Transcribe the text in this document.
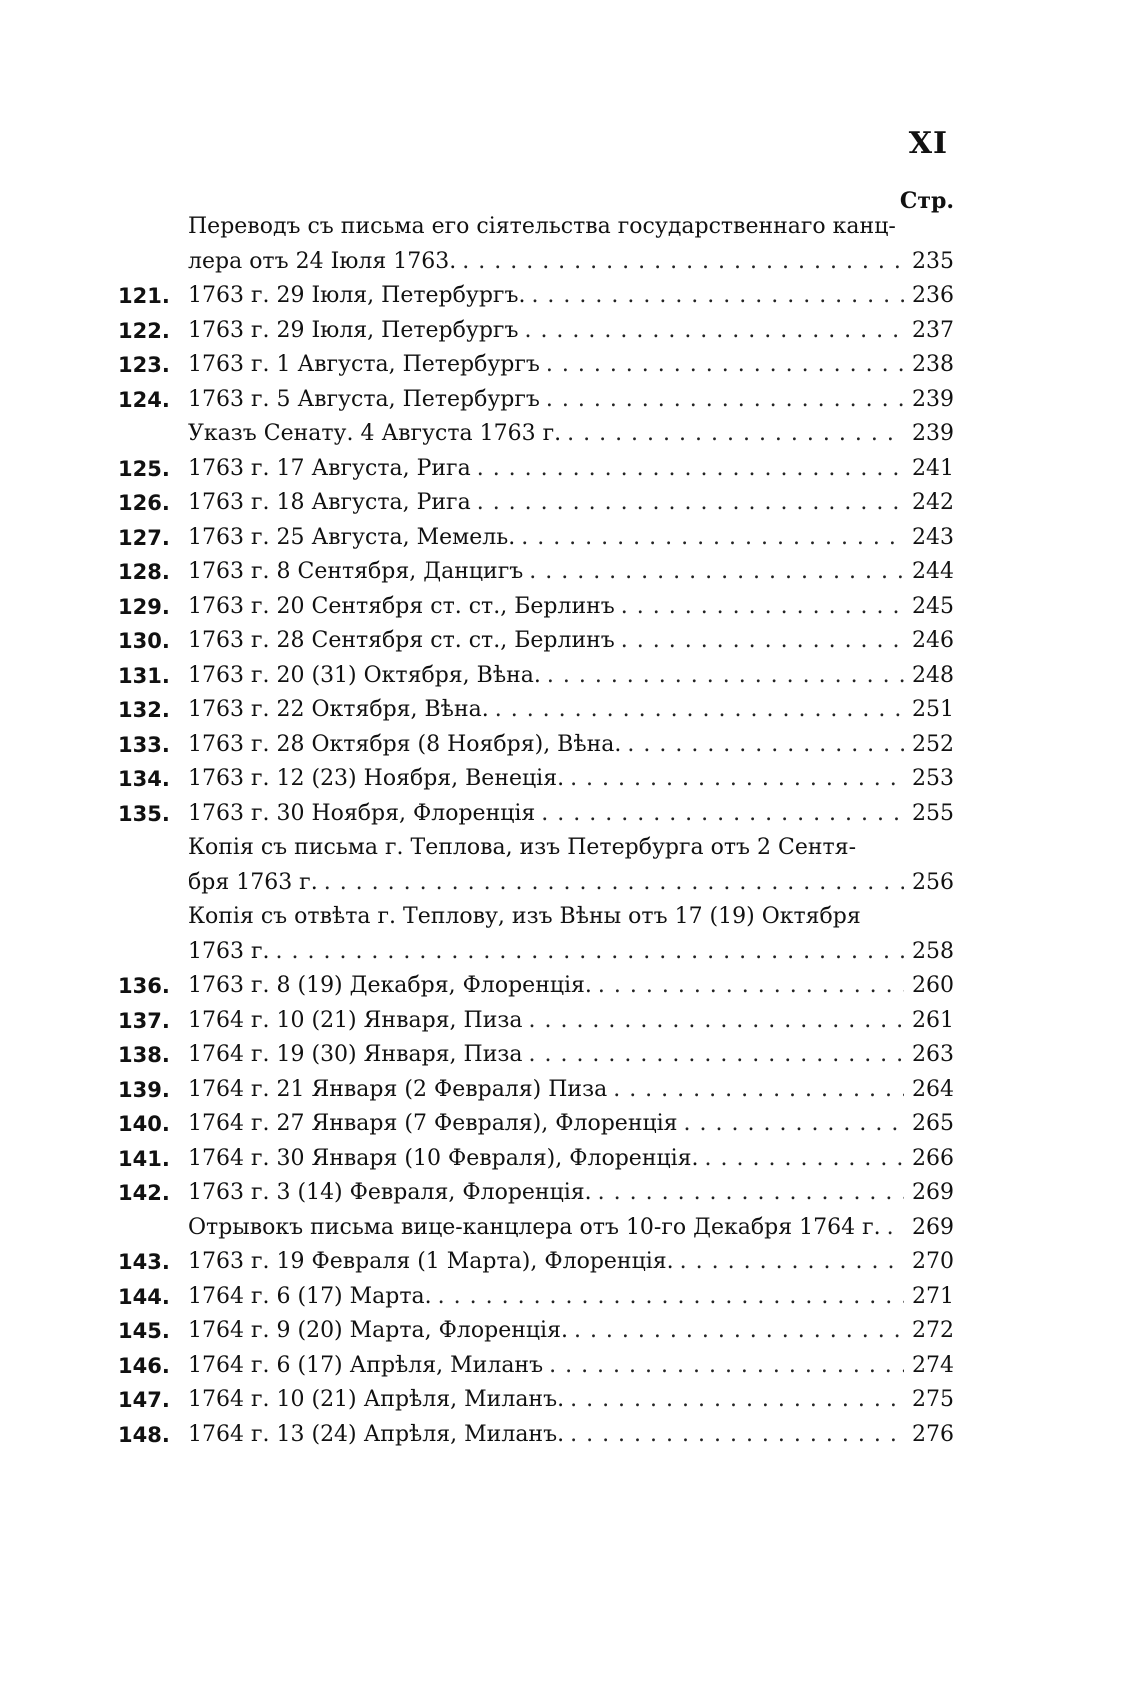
XI
Стр.
Переводъ съ письма его сiятельства государственнаго канц-
лера отъ 24 Iюля 1763. . . .	235
121. 1763 г. 29 Iюля, Петербургъ. . . .	236
122. 1763 г. 29 Iюля, Петербургъ . . .	237
123. 1763 г. 1 Августа, Петербургъ . . .	238
124. 1763 г. 5 Августа, Петербургъ . . .	239
Указъ Сенату. 4 Августа 1763 г. . . .	239
125. 1763 г. 17 Августа, Рига . . .	241
126. 1763 г. 18 Августа, Рига . . .	242
127. 1763 г. 25 Августа, Мемель. . . .	243
128. 1763 г. 8 Сентября, Данцигъ . . .	244
129. 1763 г. 20 Сентября ст. ст., Берлинъ . . .	245
130. 1763 г. 28 Сентября ст. ст., Берлинъ . . .	246
131. 1763 г. 20 (31) Октября, Вѣна. . . .	248
132. 1763 г. 22 Октября, Вѣна. . . .	251
133. 1763 г. 28 Октября (8 Ноября), Вѣна. . . .	252
134. 1763 г. 12 (23) Ноября, Венецiя. . . .	253
135. 1763 г. 30 Ноября, Флоренцiя . . .	255
Копiя съ письма г. Теплова, изъ Петербурга отъ 2 Сентя-
бря 1763 г. . . .	256
Копiя съ отвѣта г. Теплову, изъ Вѣны отъ 17 (19) Октября
1763 г. . . .	258
136. 1763 г. 8 (19) Декабря, Флоренцiя. . . .	260
137. 1764 г. 10 (21) Января, Пиза . . .	261
138. 1764 г. 19 (30) Января, Пиза . . .	263
139. 1764 г. 21 Января (2 Февраля) Пиза . . .	264
140. 1764 г. 27 Января (7 Февраля), Флоренцiя . . .	265
141. 1764 г. 30 Января (10 Февраля), Флоренцiя. . . .	266
142. 1763 г. 3 (14) Февраля, Флоренцiя. . . .	269
Отрывокъ письма вице-канцлера отъ 10-го Декабря 1764 г. . . . 269
143. 1763 г. 19 Февраля (1 Марта), Флоренцiя. . . .	270
144. 1764 г. 6 (17) Марта. . . .	271
145. 1764 г. 9 (20) Марта, Флоренцiя. . . .	272
146. 1764 г. 6 (17) Апрѣля, Миланъ . . .	274
147. 1764 г. 10 (21) Апрѣля, Миланъ. . . .	275
148. 1764 г. 13 (24) Апрѣля, Миланъ. . . .	276
